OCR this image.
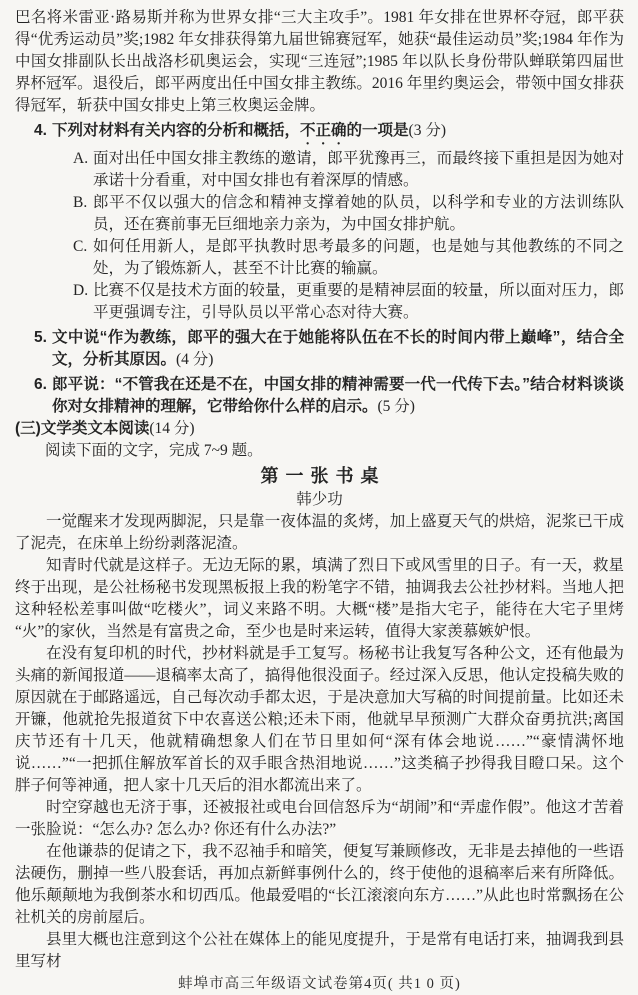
巴名将米雷亚·路易斯并称为世界女排“三大主攻手”。1981 年女排在世界杯夺冠，郎平获得“优秀运动员”奖;1982 年女排获得第九届世锦赛冠军，她获“最佳运动员”奖;1984 年作为中国女排副队长出战洛杉矶奥运会，实现“三连冠”;1985 年以队长身份带队蝉联第四届世界杯冠军。退役后，郎平两度出任中国女排主教练。2016 年里约奥运会，带领中国女排获得冠军，斩获中国女排史上第三枚奥运金牌。

4. 下列对材料有关内容的分析和概括，不正确的一项是(3 分)
A. 面对出任中国女排主教练的邀请，郎平犹豫再三，而最终接下重担是因为她对承诺十分看重，对中国女排也有着深厚的情感。
B. 郎平不仅以强大的信念和精神支撑着她的队员，以科学和专业的方法训练队员，还在赛前事无巨细地亲力亲为，为中国女排护航。
C. 如何任用新人，是郎平执教时思考最多的问题，也是她与其他教练的不同之处，为了锻炼新人，甚至不计比赛的输赢。
D. 比赛不仅是技术方面的较量，更重要的是精神层面的较量，所以面对压力，郎平更强调专注，引导队员以平常心态对待大赛。
5. 文中说“作为教练，郎平的强大在于她能将队伍在不长的时间内带上巅峰”，结合全文，分析其原因。(4 分)
6. 郎平说：“不管我在还是不在，中国女排的精神需要一代一代传下去。”结合材料谈谈你对女排精神的理解，它带给你什么样的启示。(5 分)
(三)文学类文本阅读(14 分)
阅读下面的文字，完成 7~9 题。
第一张书桌
韩少功

一觉醒来才发现两脚泥，只是靠一夜体温的炙烤，加上盛夏天气的烘焙，泥浆已干成了泥壳，在床单上纷纷剥落泥渣。

知青时代就是这样子。无边无际的累，填满了烈日下或风雪里的日子。有一天，救星终于出现，是公社杨秘书发现黑板报上我的粉笔字不错，抽调我去公社抄材料。当地人把这种轻松差事叫做“吃楼火”，词义来路不明。大概“楼”是指大宅子，能待在大宅子里烤“火”的家伙，当然是有富贵之命，至少也是时来运转，值得大家羡慕嫉妒恨。

在没有复印机的时代，抄材料就是手工复写。杨秘书让我复写各种公文，还有他最为头痛的新闻报道——退稿率太高了，搞得他很没面子。经过深入反思，他认定投稿失败的原因就在于邮路遥远，自己每次动手都太迟，于是决意加大写稿的时间提前量。比如还未开镰，他就抢先报道贫下中农喜送公粮;还未下雨，他就早早预测广大群众奋勇抗洪;离国庆节还有十几天，他就精确想象人们在节日里如何“深有体会地说……”“豪情满怀地说……”“一把抓住解放军首长的双手眼含热泪地说……”这类稿子抄得我目瞪口呆。这个胖子何等神通，把人家十几天后的泪水都流出来了。

时空穿越也无济于事，还被报社或电台回信怒斥为“胡闹”和“弄虚作假”。他这才苦着一张脸说：“怎么办? 怎么办? 你还有什么办法?”

在他谦恭的促请之下，我不忍袖手和暗笑，便复写兼顾修改，无非是去掉他的一些语法硬伤，删掉一些八股套话，再加点新鲜事例什么的，终于使他的退稿率后来有所降低。他乐颠颠地为我倒茶水和切西瓜。他最爱唱的“长江滚滚向东方……”从此也时常飘扬在公社机关的房前屋后。

县里大概也注意到这个公社在媒体上的能见度提升，于是常有电话打来，抽调我到县里写材

蚌埠市高三年级语文试卷第4页( 共1 0 页)
